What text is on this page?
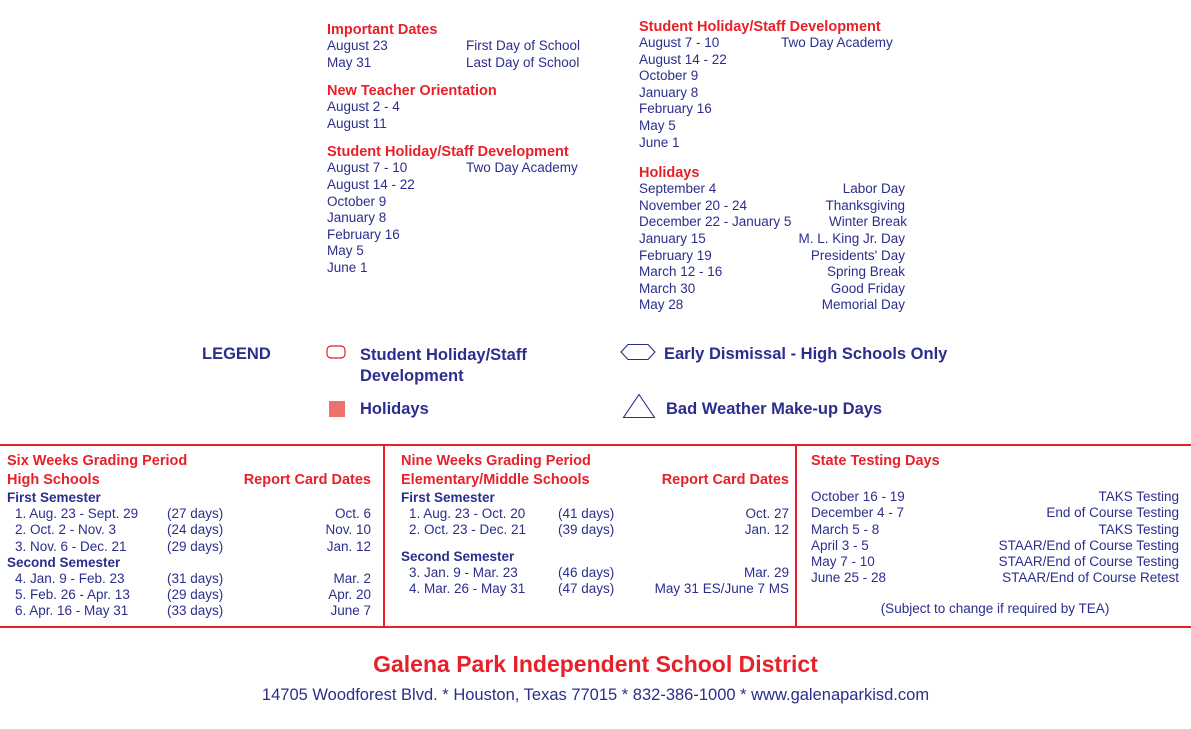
Important Dates
August 23	First Day of School
May 31	Last Day of School
New Teacher Orientation
August 2 - 4
August 11
Student Holiday/Staff Development
August 7 - 10	Two Day Academy
August 14 - 22
October 9
January 8
February 16
May 5
June 1
Student Holiday/Staff Development
August 7 - 10	Two Day Academy
August 14 - 22
October 9
January 8
February 16
May 5
June 1
Holidays
September 4	Labor Day
November 20 - 24	Thanksgiving
December 22 - January 5	Winter Break
January 15	M. L. King Jr. Day
February 19	Presidents' Day
March 12 - 16	Spring Break
March 30	Good Friday
May 28	Memorial Day
LEGEND	Student Holiday/Staff
Development
Holidays
Early Dismissal - High Schools Only
Bad Weather Make-up Days
Six Weeks Grading Period
High Schools	Report Card Dates
First Semester
1. Aug. 23 - Sept. 29	(27 days)	Oct. 6
2. Oct. 2 - Nov. 3	(24 days)	Nov. 10
3. Nov. 6 - Dec. 21	(29 days)	Jan. 12
Second Semester
4. Jan. 9 - Feb. 23	(31 days)	Mar. 2
5. Feb. 26 - Apr. 13	(29 days)	Apr. 20
6. Apr. 16 - May 31	(33 days)	June 7
Nine Weeks Grading Period
Elementary/Middle Schools	Report Card Dates
First Semester
1. Aug. 23 - Oct. 20	(41 days)	Oct. 27
2. Oct. 23 - Dec. 21	(39 days)	Jan. 12
Second Semester
3. Jan. 9 - Mar. 23	(46 days)	Mar. 29
4. Mar. 26 - May 31	(47 days)	May 31 ES/June 7 MS
State Testing Days
October 16 - 19	TAKS Testing
December 4 - 7	End of Course Testing
March 5 - 8	TAKS Testing
April 3 - 5	STAAR/End of Course Testing
May 7 - 10	STAAR/End of Course Testing
June 25 - 28	STAAR/End of Course Retest
(Subject to change if required by TEA)
Galena Park Independent School District
14705 Woodforest Blvd. * Houston, Texas 77015 * 832-386-1000 * www.galenaparkisd.com
